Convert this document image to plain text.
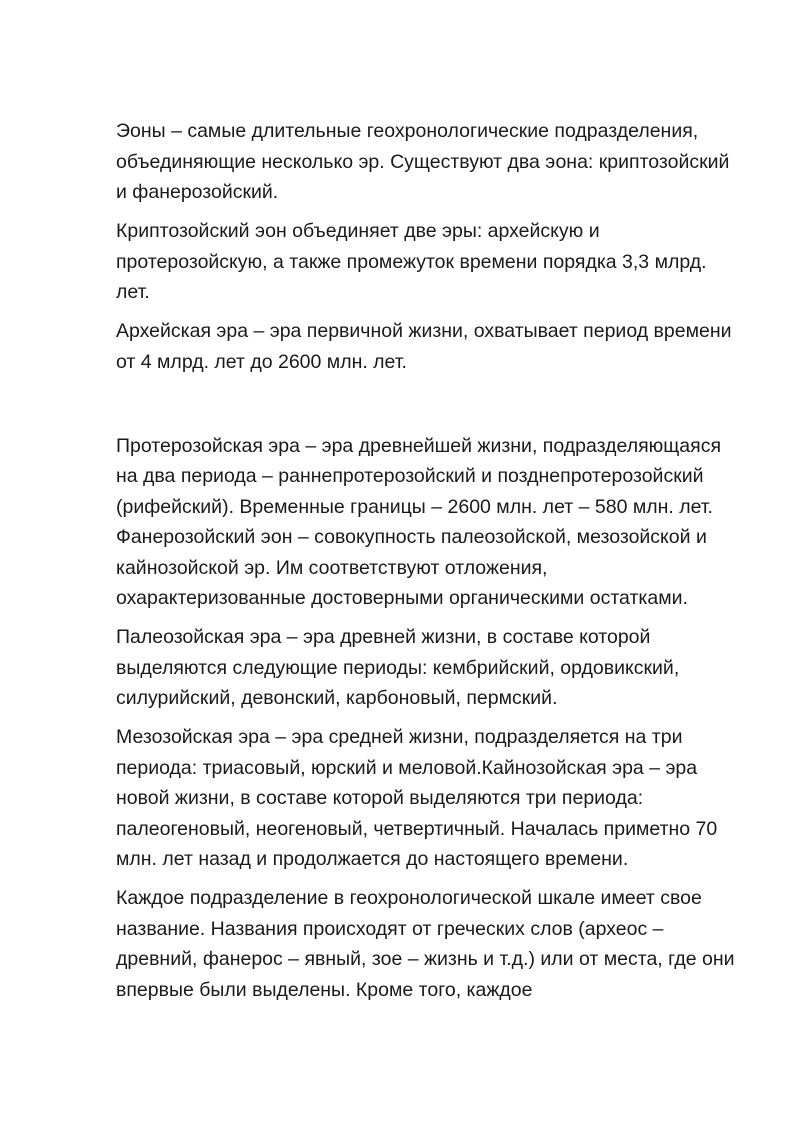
Эоны – самые длительные геохронологические подразделения, объединяющие несколько эр. Существуют два эона: криптозойский и фанерозойский.

Криптозойский эон объединяет две эры: архейскую и протерозойскую, а также промежуток времени порядка 3,3 млрд. лет.

Архейская эра – эра первичной жизни, охватывает период времени от 4 млрд. лет до 2600 млн. лет.

Протерозойская эра – эра древнейшей жизни, подразделяющаяся на два периода – раннепротерозойский и позднепротерозойский (рифейский). Временные границы – 2600 млн. лет – 580 млн. лет. Фанерозойский эон – совокупность палеозойской, мезозойской и кайнозойской эр. Им соответствуют отложения, охарактеризованные достоверными органическими остатками.

Палеозойская эра – эра древней жизни, в составе которой выделяются следующие периоды: кембрийский, ордовикский, силурийский, девонский, карбоновый, пермский.

Мезозойская эра – эра средней жизни, подразделяется на три периода: триасовый, юрский и меловой.Кайнозойская эра – эра новой жизни, в составе которой выделяются три периода: палеогеновый, неогеновый, четвертичный. Началась приметно 70 млн. лет назад и продолжается до настоящего времени.

Каждое подразделение в геохронологической шкале имеет свое название. Названия происходят от греческих слов (археос – древний, фанерос – явный, зое – жизнь и т.д.) или от места, где они впервые были выделены. Кроме того, каждое
